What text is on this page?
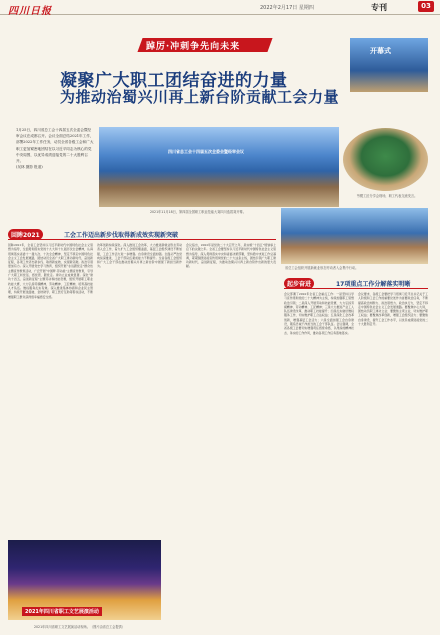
四川日报	2022年2月17日 星期四	专刊	03
踔厉·冲刺争先向未来	开幕式
凝聚广大职工团结奋进的力量
为推动治蜀兴川再上新台阶贡献工会力量
1月25日，四川省总工会十四届五次全委会暨经审会议在成都召开。会议全面总结2021年工作，部署2022年工作任务，动员全省各级工会和广大职工更加紧密地团结在以习近平同志为核心的党中央周围，以优异成绩迎接党的二十大胜利召开。
(吴林 摄影 报道)
四川省总工会十四届五次全委会暨经审会议
2021年11月18日，第四届全国职工职业技能大赛四川选拔赛开幕。
劳模工匠分享会现场，职工代表交流发言。
回眸2021	工会工作迈出新步伐取得新成效实现新突破
回眸2021年，全省工会坚持以习近平新时代中国特色社会主义思想为指导，全面贯彻落实党的十九大和十九届历次全会精神，认真贯彻落实省委十一届九次、十次全会精神，坚定不移走中国特色社会主义工会发展道路，团结动员全省广大职工建功新时代、奋进新征程，各项工作迈出新步伐、取得新成效、实现新突破。政治引领更加有力。深入开展党史学习教育，组织开展“永远跟党走”群众性主题宣传教育活动，广泛开展“中国梦·劳动美”主题宣传教育，引导广大职工听党话、感党恩、跟党走。建功立业成效显著。深化“建功十四五、奋进新征程”主题劳动和技能竞赛，组织开展职工职业技能大赛，大力弘扬劳模精神、劳动精神、工匠精神，培育高技能人才队伍。维权服务扎实有效。深入推进集体协商和企业民主管理，持续开展送温暖、金秋助学、职工医疗互助等帮扶活动，不断增强职工群众获得感幸福感安全感。
改革创新持续深化。深入推进工会改革，大力推进新就业形态劳动者入会工作，着力扩大工会组织覆盖面，基层工会组织建设不断加强，工会工作活力进一步增强。自身建设全面加强。全面从严治党向纵深推进，工会干部队伍素质能力不断提升。全省各级工会组织和广大工会干部在推动治蜀兴川再上新台阶中展现了新担当新作为。
会议指出，2022年是党的二十大召开之年，是实施“十四五”规划承上启下的关键之年。全省工会要坚持以习近平新时代中国特色社会主义思想为指导，深入贯彻落实中央和省委决策部署，坚持稳中求进工作总基调，紧紧围绕迎接宣传贯彻党的二十大这条主线，团结引领广大职工建功新时代、奋进新征程，为推动治蜀兴川再上新台阶作出新的更大贡献。	省总工会组织开展新就业形态劳动者入会集中行动。
起步奋进	17项重点工作分解落实明晰
会议部署了2022年全省工会重点工作：一是坚持以学习宣传贯彻党的二十大精神为主线，持续加强职工思想政治引领；二是深入开展劳动和技能竞赛，大力弘扬劳模精神、劳动精神、工匠精神；三是大力推进产业工人队伍建设改革，推动职工技能提升；四是扎实做好维权服务工作，切实维护职工合法权益；五是深化工会改革创新，增强基层工会活力；六是全面加强工会自身建设，锻造忠诚干净担当的工会干部队伍。会议强调，全省各级工会要切实增强责任感使命感，以昂扬的精神状态、务实的工作作风，推动各项工作任务落地落实。
会议要求，各级工会要把学习贯彻习近平总书记关于工人阶级和工会工作的重要论述作为首要政治任务，不断提高政治判断力、政治领悟力、政治执行力，坚定不移走中国特色社会主义工会发展道路。要聚焦中心大局，团结动员职工建功立业；要聚焦主责主业，切实维护职工权益；要聚焦改革创新，增强工会组织活力；要聚焦自身建设，提升工会工作水平，以优异成绩迎接党的二十大胜利召开。
2021年四川省职工文艺展演活动
2021年四川省职工文艺展演活动现场。（图片由省总工会提供）
